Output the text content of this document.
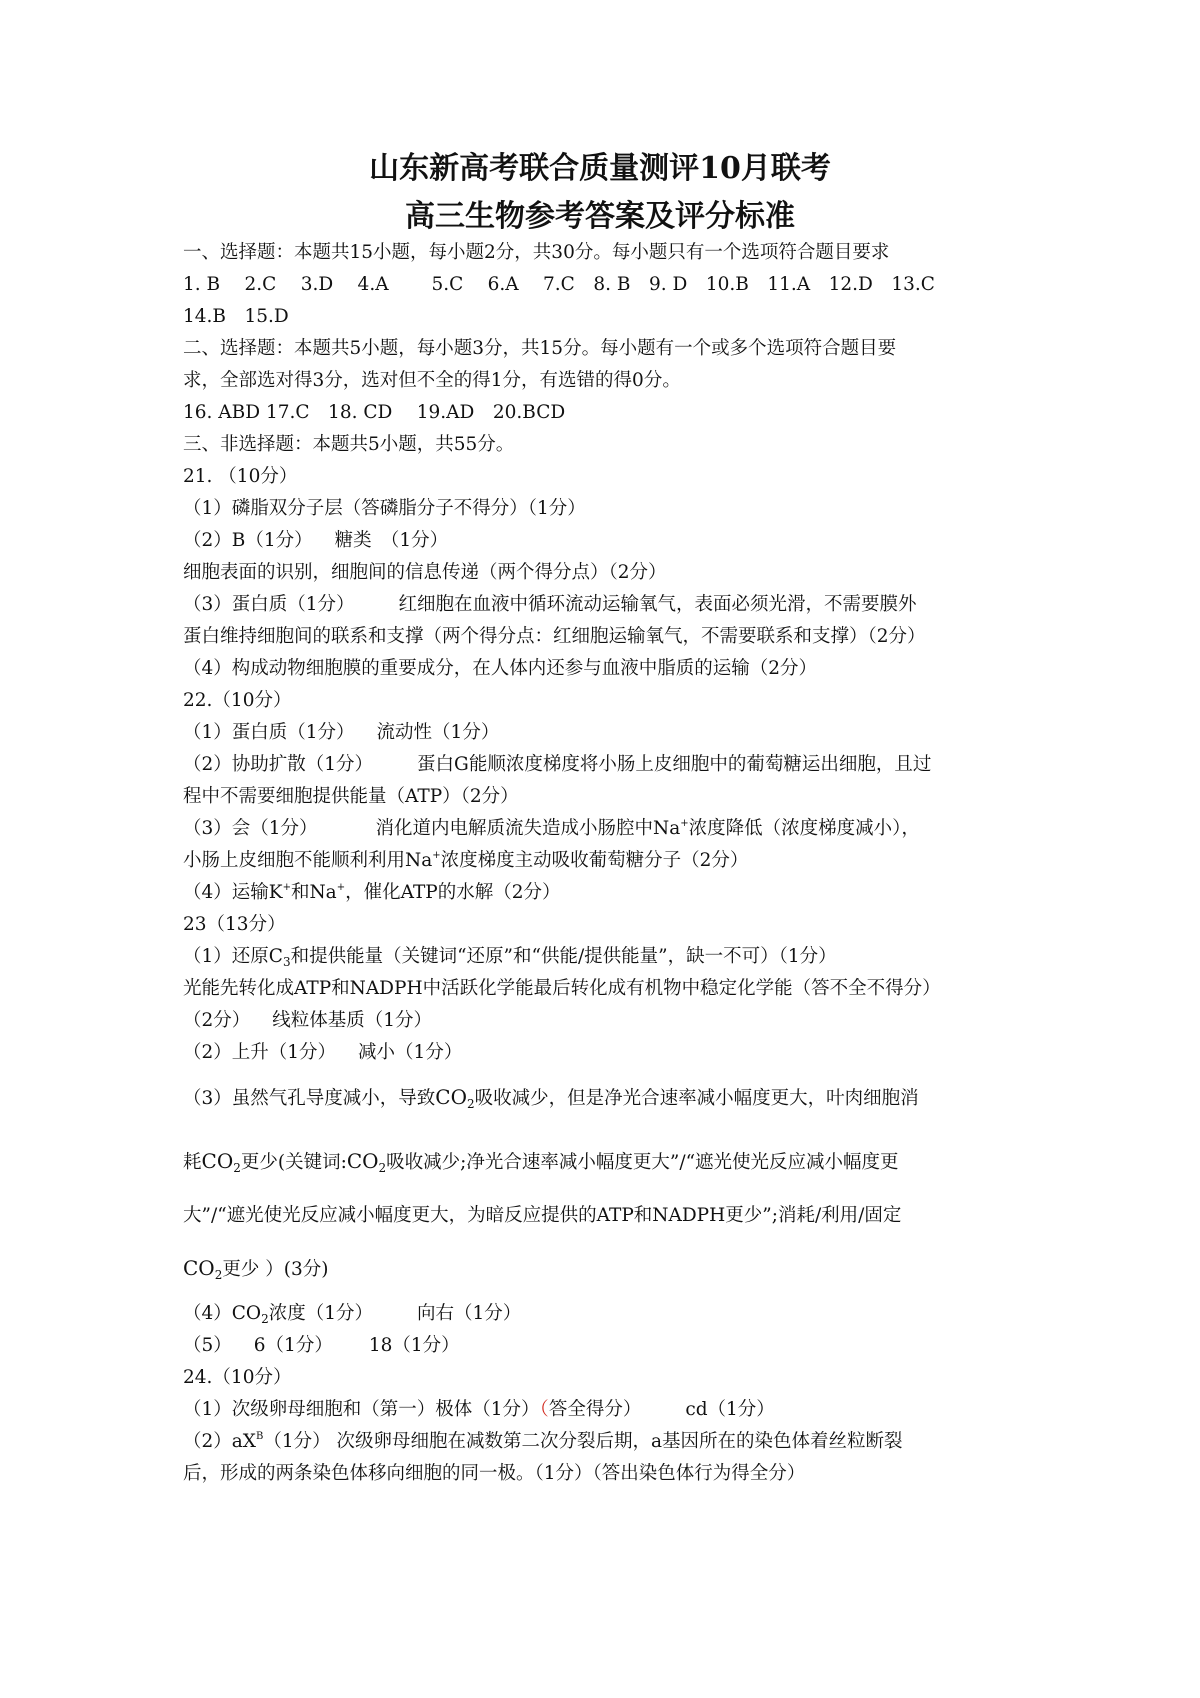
山东新高考联合质量测评10月联考
高三生物参考答案及评分标准
一、选择题：本题共15小题，每小题2分，共30分。每小题只有一个选项符合题目要求
1. B　 2.C　 3.D　 4.A　　 5.C　 6.A　 7.C　8. B　9. D　10.B　11.A　12.D　13.C
14.B　15.D
二、选择题：本题共5小题，每小题3分，共15分。每小题有一个或多个选项符合题目要
求，全部选对得3分，选对但不全的得1分，有选错的得0分。
16. ABD 17.C　18. CD　 19.AD　20.BCD
三、非选择题：本题共5小题，共55分。
21. （10分）
（1）磷脂双分子层（答磷脂分子不得分）（1分）
（2）B（1分） 糖类　（1分）
细胞表面的识别，细胞间的信息传递（两个得分点）（2分）
（3）蛋白质（1分） 红细胞在血液中循环流动运输氧气，表面必须光滑，不需要膜外
蛋白维持细胞间的联系和支撑（两个得分点：红细胞运输氧气，不需要联系和支撑）（2分）
（4）构成动物细胞膜的重要成分，在人体内还参与血液中脂质的运输（2分）
22.（10分）
（1）蛋白质（1分） 流动性（1分）
（2）协助扩散（1分） 蛋白G能顺浓度梯度将小肠上皮细胞中的葡萄糖运出细胞，且过
程中不需要细胞提供能量（ATP）（2分）
（3）会（1分）	消化道内电解质流失造成小肠腔中Na+浓度降低（浓度梯度减小），
小肠上皮细胞不能顺利利用Na+浓度梯度主动吸收葡萄糖分子（2分）
（4）运输K+和Na+，催化ATP的水解（2分）
23（13分）
（1）还原$C_3$和提供能量（关键词“还原”和“供能/提供能量”，缺一不可）（1分）
光能先转化成ATP和NADPH中活跃化学能最后转化成有机物中稳定化学能（答不全不得分）
（2分） 线粒体基质（1分）
（2）上升（1分） 减小（1分）
（3）虽然气孔导度减小，导致$CO_2$吸收减少，但是净光合速率减小幅度更大，叶肉细胞消
耗$CO_2$更少(关键词$:CO_2$吸收减少;净光合速率减小幅度更大”/“遮光使光反应减小幅度更
大”/“遮光使光反应减小幅度更大，为暗反应提供的ATP和NADPH更少”;消耗/利用/固定
$CO_2$更少 ）(3分)
$(4)CO_2$浓度（1分） 向右（1分）
（5） 6（1分） 18（1分）
24.（10分）
（1）次级卵母细胞和（第一）极体（1分）（答全得分） cd（1分）
$(2)aX^B(1$分） 次级卵母细胞在减数第二次分裂后期，a基因所在的染色体着丝粒断裂
后，形成的两条染色体移向细胞的同一极。（1分）（答出染色体行为得全分）
